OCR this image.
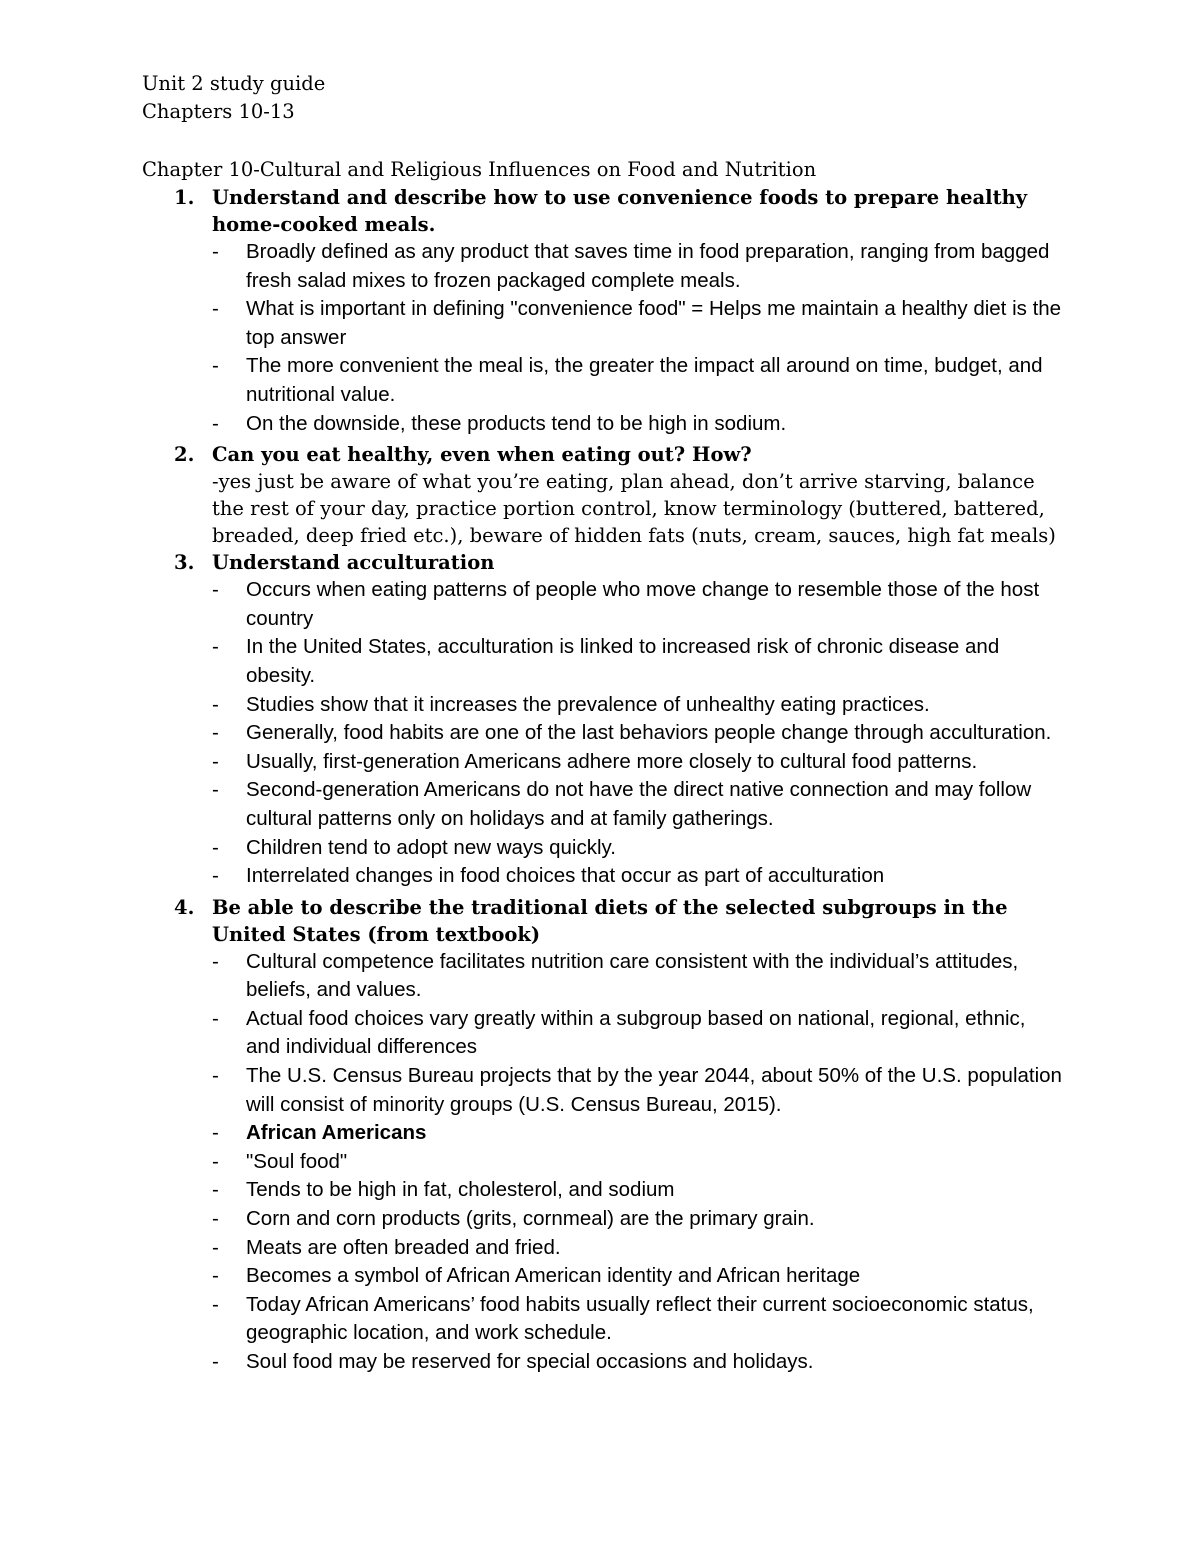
Unit 2 study guide

Chapters 10-13

Chapter 10-Cultural and Religious Influences on Food and Nutrition

1. Understand and describe how to use convenience foods to prepare healthy home-cooked meals.

- Broadly defined as any product that saves time in food preparation, ranging from bagged fresh salad mixes to frozen packaged complete meals.
- What is important in defining "convenience food" = Helps me maintain a healthy diet is the top answer
- The more convenient the meal is, the greater the impact all around on time, budget, and nutritional value.
- On the downside, these products tend to be high in sodium.
2. Can you eat healthy, even when eating out? How?

-yes just be aware of what you’re eating, plan ahead, don’t arrive starving, balance the rest of your day, practice portion control, know terminology (buttered, battered, breaded, deep fried etc.), beware of hidden fats (nuts, cream, sauces, high fat meals)

3. Understand acculturation

- Occurs when eating patterns of people who move change to resemble those of the host country
- In the United States, acculturation is linked to increased risk of chronic disease and obesity.
- Studies show that it increases the prevalence of unhealthy eating practices.
- Generally, food habits are one of the last behaviors people change through acculturation.
- Usually, first-generation Americans adhere more closely to cultural food patterns.
- Second-generation Americans do not have the direct native connection and may follow cultural patterns only on holidays and at family gatherings.
- Children tend to adopt new ways quickly.
- Interrelated changes in food choices that occur as part of acculturation
4. Be able to describe the traditional diets of the selected subgroups in the United States (from textbook)

- Cultural competence facilitates nutrition care consistent with the individual’s attitudes, beliefs, and values.
- Actual food choices vary greatly within a subgroup based on national, regional, ethnic, and individual differences
- The U.S. Census Bureau projects that by the year 2044, about 50% of the U.S. population will consist of minority groups (U.S. Census Bureau, 2015).
- African Americans
- "Soul food"
- Tends to be high in fat, cholesterol, and sodium
- Corn and corn products (grits, cornmeal) are the primary grain.
- Meats are often breaded and fried.
- Becomes a symbol of African American identity and African heritage
- Today African Americans’ food habits usually reflect their current socioeconomic status, geographic location, and work schedule.
- Soul food may be reserved for special occasions and holidays.
